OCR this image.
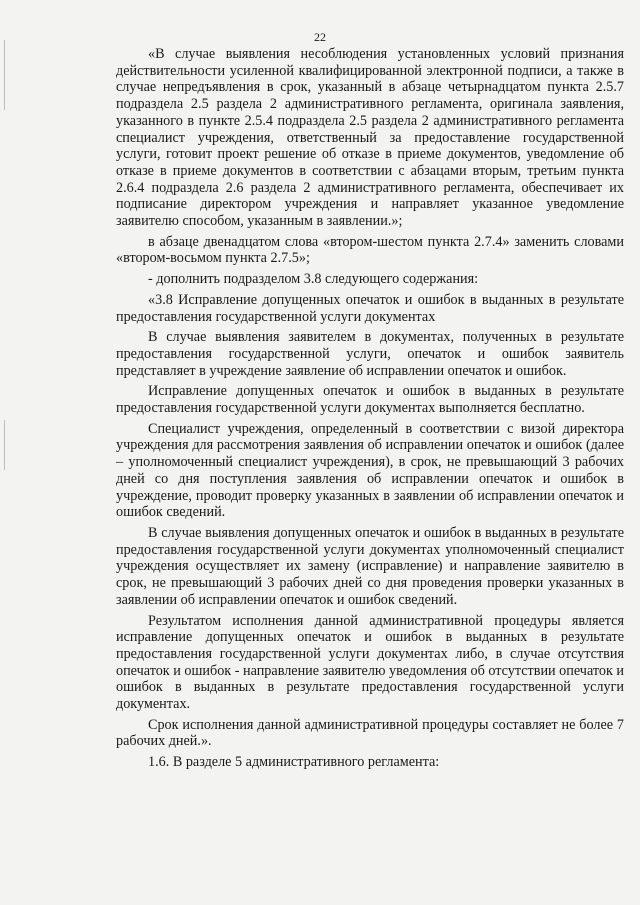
22

«В случае выявления несоблюдения установленных условий признания действительности усиленной квалифицированной электронной подписи, а также в случае непредъявления в срок, указанный в абзаце четырнадцатом пункта 2.5.7 подраздела 2.5 раздела 2 административного регламента, оригинала заявления, указанного в пункте 2.5.4 подраздела 2.5 раздела 2 административного регламента специалист учреждения, ответственный за предоставление государственной услуги, готовит проект решение об отказе в приеме документов, уведомление об отказе в приеме документов в соответствии с абзацами вторым, третьим пункта 2.6.4 подраздела 2.6 раздела 2 административного регламента, обеспечивает их подписание директором учреждения и направляет указанное уведомление заявителю способом, указанным в заявлении.»;

в абзаце двенадцатом слова «втором-шестом пункта 2.7.4» заменить словами «втором-восьмом пункта 2.7.5»;

- дополнить подразделом 3.8 следующего содержания:

«3.8 Исправление допущенных опечаток и ошибок в выданных в результате предоставления государственной услуги документах

В случае выявления заявителем в документах, полученных в результате предоставления государственной услуги, опечаток и ошибок заявитель представляет в учреждение заявление об исправлении опечаток и ошибок.

Исправление допущенных опечаток и ошибок в выданных в результате предоставления государственной услуги документах выполняется бесплатно.

Специалист учреждения, определенный в соответствии с визой директора учреждения для рассмотрения заявления об исправлении опечаток и ошибок (далее – уполномоченный специалист учреждения), в срок, не превышающий 3 рабочих дней со дня поступления заявления об исправлении опечаток и ошибок в учреждение, проводит проверку указанных в заявлении об исправлении опечаток и ошибок сведений.

В случае выявления допущенных опечаток и ошибок в выданных в результате предоставления государственной услуги документах уполномоченный специалист учреждения осуществляет их замену (исправление) и направление заявителю в срок, не превышающий 3 рабочих дней со дня проведения проверки указанных в заявлении об исправлении опечаток и ошибок сведений.

Результатом исполнения данной административной процедуры является исправление допущенных опечаток и ошибок в выданных в результате предоставления государственной услуги документах либо, в случае отсутствия опечаток и ошибок - направление заявителю уведомления об отсутствии опечаток и ошибок в выданных в результате предоставления государственной услуги документах.

Срок исполнения данной административной процедуры составляет не более 7 рабочих дней.».

1.6. В разделе 5 административного регламента:
